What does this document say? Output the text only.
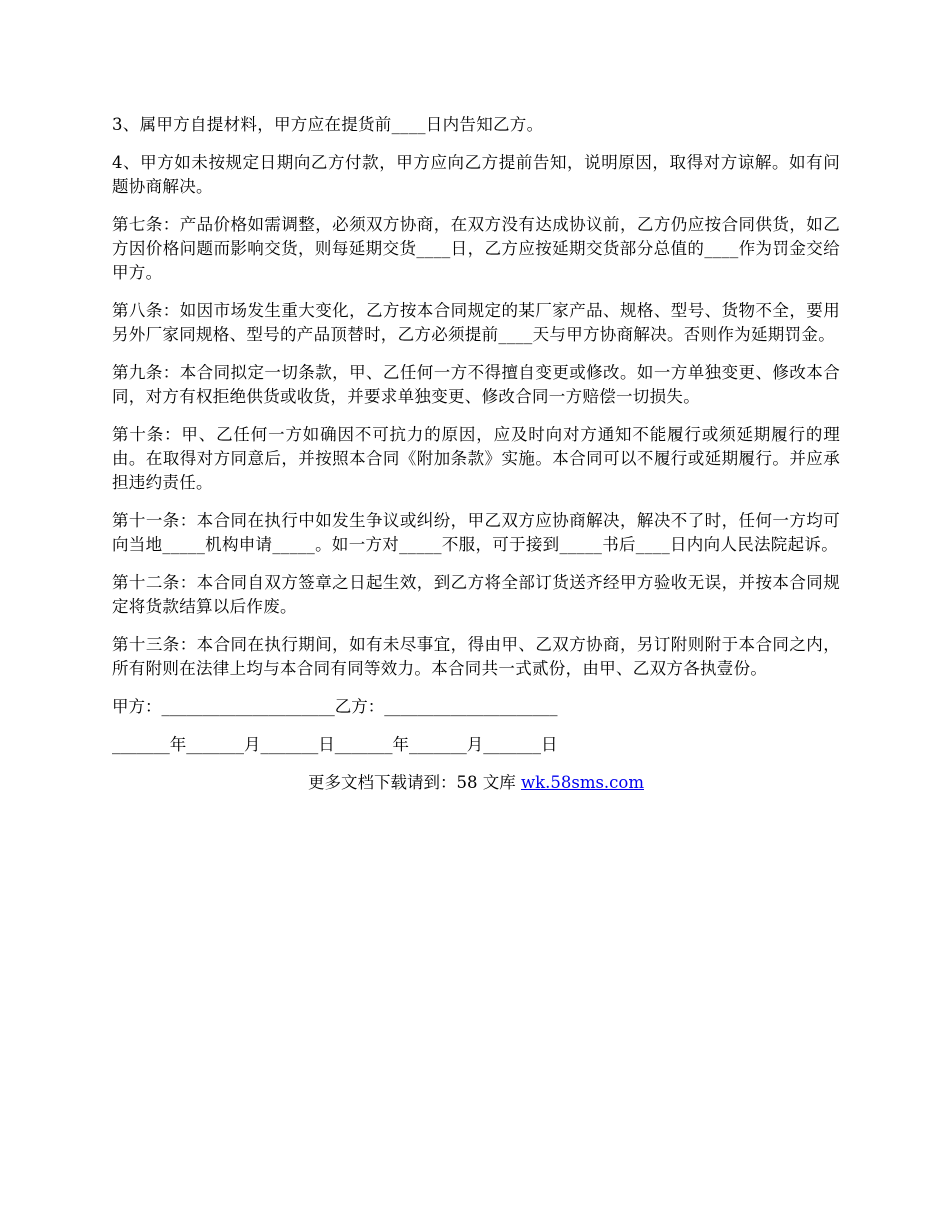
3、属甲方自提材料，甲方应在提货前____日内告知乙方。

4、甲方如未按规定日期向乙方付款，甲方应向乙方提前告知，说明原因，取得对方谅解。如有问题协商解决。

第七条：产品价格如需调整，必须双方协商，在双方没有达成协议前，乙方仍应按合同供货，如乙方因价格问题而影响交货，则每延期交货____日，乙方应按延期交货部分总值的____作为罚金交给甲方。

第八条：如因市场发生重大变化，乙方按本合同规定的某厂家产品、规格、型号、货物不全，要用另外厂家同规格、型号的产品顶替时，乙方必须提前____天与甲方协商解决。否则作为延期罚金。

第九条：本合同拟定一切条款，甲、乙任何一方不得擅自变更或修改。如一方单独变更、修改本合同，对方有权拒绝供货或收货，并要求单独变更、修改合同一方赔偿一切损失。

第十条：甲、乙任何一方如确因不可抗力的原因，应及时向对方通知不能履行或须延期履行的理由。在取得对方同意后，并按照本合同《附加条款》实施。本合同可以不履行或延期履行。并应承担违约责任。

第十一条：本合同在执行中如发生争议或纠纷，甲乙双方应协商解决，解决不了时，任何一方均可向当地_____机构申请_____。如一方对_____不服，可于接到_____书后____日内向人民法院起诉。

第十二条：本合同自双方签章之日起生效，到乙方将全部订货送齐经甲方验收无误，并按本合同规定将货款结算以后作废。

第十三条：本合同在执行期间，如有未尽事宜，得由甲、乙双方协商，另订附则附于本合同之内，所有附则在法律上均与本合同有同等效力。本合同共一式贰份，由甲、乙双方各执壹份。

甲方：_____________________乙方：_____________________
_______年_______月_______日_______年_______月_______日
更多文档下载请到：58 文库 wk.58sms.com
